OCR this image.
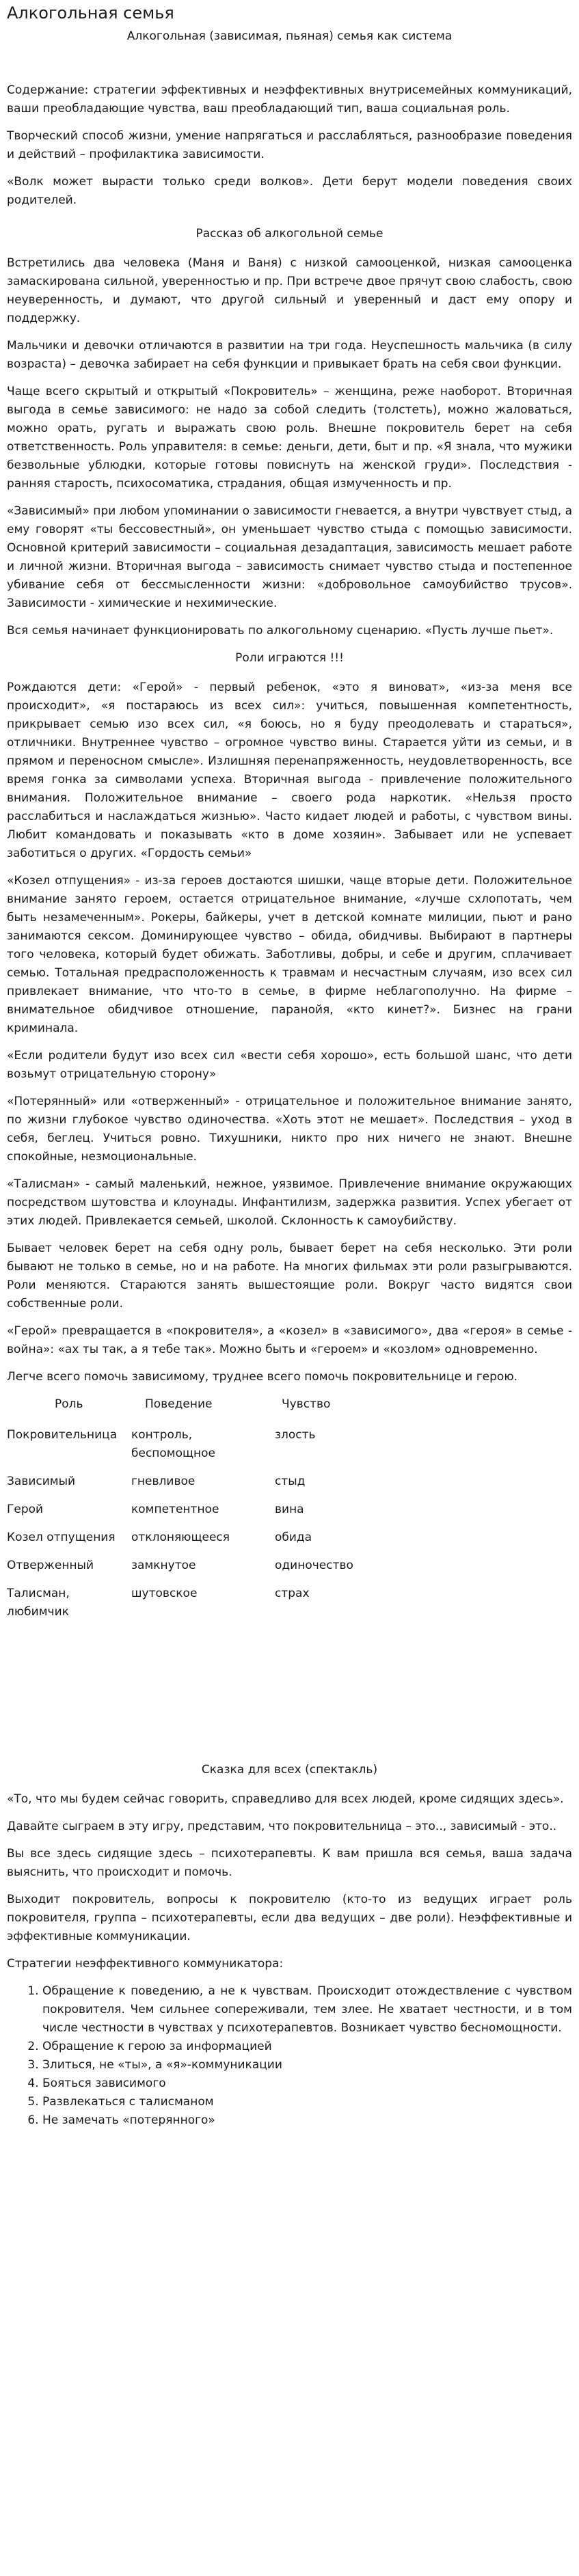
Алкогольная семья
Алкогольная (зависимая, пьяная) семья как система

Содержание: стратегии эффективных и неэффективных внутрисемейных коммуникаций, ваши преобладающие чувства, ваш преобладающий тип, ваша социальная роль.

Творческий способ жизни, умение напрягаться и расслабляться, разнообразие поведения и действий – профилактика зависимости.

«Волк может вырасти только среди волков». Дети берут модели поведения своих родителей.

Рассказ об алкогольной семье

Встретились два человека (Маня и Ваня) с низкой самооценкой, низкая самооценка замаскирована сильной, уверенностью и пр. При встрече двое прячут свою слабость, свою неуверенность, и думают, что другой сильный и уверенный и даст ему опору и поддержку.

Мальчики и девочки отличаются в развитии на три года. Неуспешность мальчика (в силу возраста) – девочка забирает на себя функции и привыкает брать на себя свои функции.

Чаще всего скрытый и открытый «Покровитель» – женщина, реже наоборот. Вторичная выгода в семье зависимого: не надо за собой следить (толстеть), можно жаловаться, можно орать, ругать и выражать свою роль. Внешне покровитель берет на себя ответственность. Роль управителя: в семье: деньги, дети, быт и пр. «Я знала, что мужики безвольные ублюдки, которые готовы повиснуть на женской груди». Последствия - ранняя старость, психосоматика, страдания, общая измученность и пр.

«Зависимый» при любом упоминании о зависимости гневается, а внутри чувствует стыд, а ему говорят «ты бессовестный», он уменьшает чувство стыда с помощью зависимости. Основной критерий зависимости – социальная дезадаптация, зависимость мешает работе и личной жизни. Вторичная выгода – зависимость снимает чувство стыда и постепенное убивание себя от бессмысленности жизни: «добровольное самоубийство трусов». Зависимости - химические и нехимические.

Вся семья начинает функционировать по алкогольному сценарию. «Пусть лучше пьет».

Роли играются !!!

Рождаются дети: «Герой» - первый ребенок, «это я виноват», «из-за меня все происходит», «я постараюсь из всех сил»: учиться, повышенная компетентность, прикрывает семью изо всех сил, «я боюсь, но я буду преодолевать и стараться», отличники. Внутреннее чувство – огромное чувство вины. Старается уйти из семьи, и в прямом и переносном смысле». Излишняя перенапряженность, неудовлетворенность, все время гонка за символами успеха. Вторичная выгода - привлечение положительного внимания. Положительное внимание – своего рода наркотик. «Нельзя просто расслабиться и наслаждаться жизнью». Часто кидает людей и работы, с чувством вины. Любит командовать и показывать «кто в доме хозяин». Забывает или не успевает заботиться о других. «Гордость семьи»

«Козел отпущения» - из-за героев достаются шишки, чаще вторые дети. Положительное внимание занято героем, остается отрицательное внимание, «лучше схлопотать, чем быть незамеченным». Рокеры, байкеры, учет в детской комнате милиции, пьют и рано занимаются сексом. Доминирующее чувство – обида, обидчивы. Выбирают в партнеры того человека, который будет обижать. Заботливы, добры, и себе и другим, сплачивает семью. Тотальная предрасположенность к травмам и несчастным случаям, изо всех сил привлекает внимание, что что-то в семье, в фирме неблагополучно. На фирме – внимательное обидчивое отношение, паранойя, «кто кинет?». Бизнес на грани криминала.

«Если родители будут изо всех сил «вести себя хорошо», есть большой шанс, что дети возьмут отрицательную сторону»

«Потерянный» или «отверженный» - отрицательное и положительное внимание занято, по жизни глубокое чувство одиночества. «Хоть этот не мешает». Последствия – уход в себя, беглец. Учиться ровно. Тихушники, никто про них ничего не знают. Внешне спокойные, незмоциональные.

«Талисман» - самый маленький, нежное, уязвимое. Привлечение внимание окружающих посредством шутовства и клоунады. Инфантилизм, задержка развития. Успех убегает от этих людей. Привлекается семьей, школой. Склонность к самоубийству.

Бывает человек берет на себя одну роль, бывает берет на себя несколько. Эти роли бывают не только в семье, но и на работе. На многих фильмах эти роли разыгрываются. Роли меняются. Стараются занять вышестоящие роли. Вокруг часто видятся свои собственные роли.

«Герой» превращается в «покровителя», а «козел» в «зависимого», два «героя» в семье - война»: «ах ты так, а я тебе так». Можно быть и «героем» и «козлом» одновременно.

Легче всего помочь зависимому, труднее всего помочь покровительнице и герою.

Роль	Поведение	Чувство
Покровительница	контроль, беспомощное	злость
Зависимый	гневливое	стыд
Герой	компетентное	вина
Козел отпущения	отклоняющееся	обида
Отверженный	замкнутое	одиночество
Талисман, любимчик	шутовское	страх
Сказка для всех (спектакль)

«То, что мы будем сейчас говорить, справедливо для всех людей, кроме сидящих здесь».

Давайте сыграем в эту игру, представим, что покровительница – это.., зависимый - это..

Вы все здесь сидящие здесь – психотерапевты. К вам пришла вся семья, ваша задача выяснить, что происходит и помочь.

Выходит покровитель, вопросы к покровителю (кто-то из ведущих играет роль покровителя, группа – психотерапевты, если два ведущих – две роли). Неэффективные и эффективные коммуникации.

Стратегии неэффективного коммуникатора:

1. Обращение к поведению, а не к чувствам. Происходит отождествление с чувством покровителя. Чем сильнее сопереживали, тем злее. Не хватает честности, и в том числе честности в чувствах у психотерапевтов. Возникает чувство бесномощности.
2. Обращение к герою за информацией
3. Злиться, не «ты», а «я»-коммуникации
4. Бояться зависимого
5. Развлекаться с талисманом
6. Не замечать «потерянного»
